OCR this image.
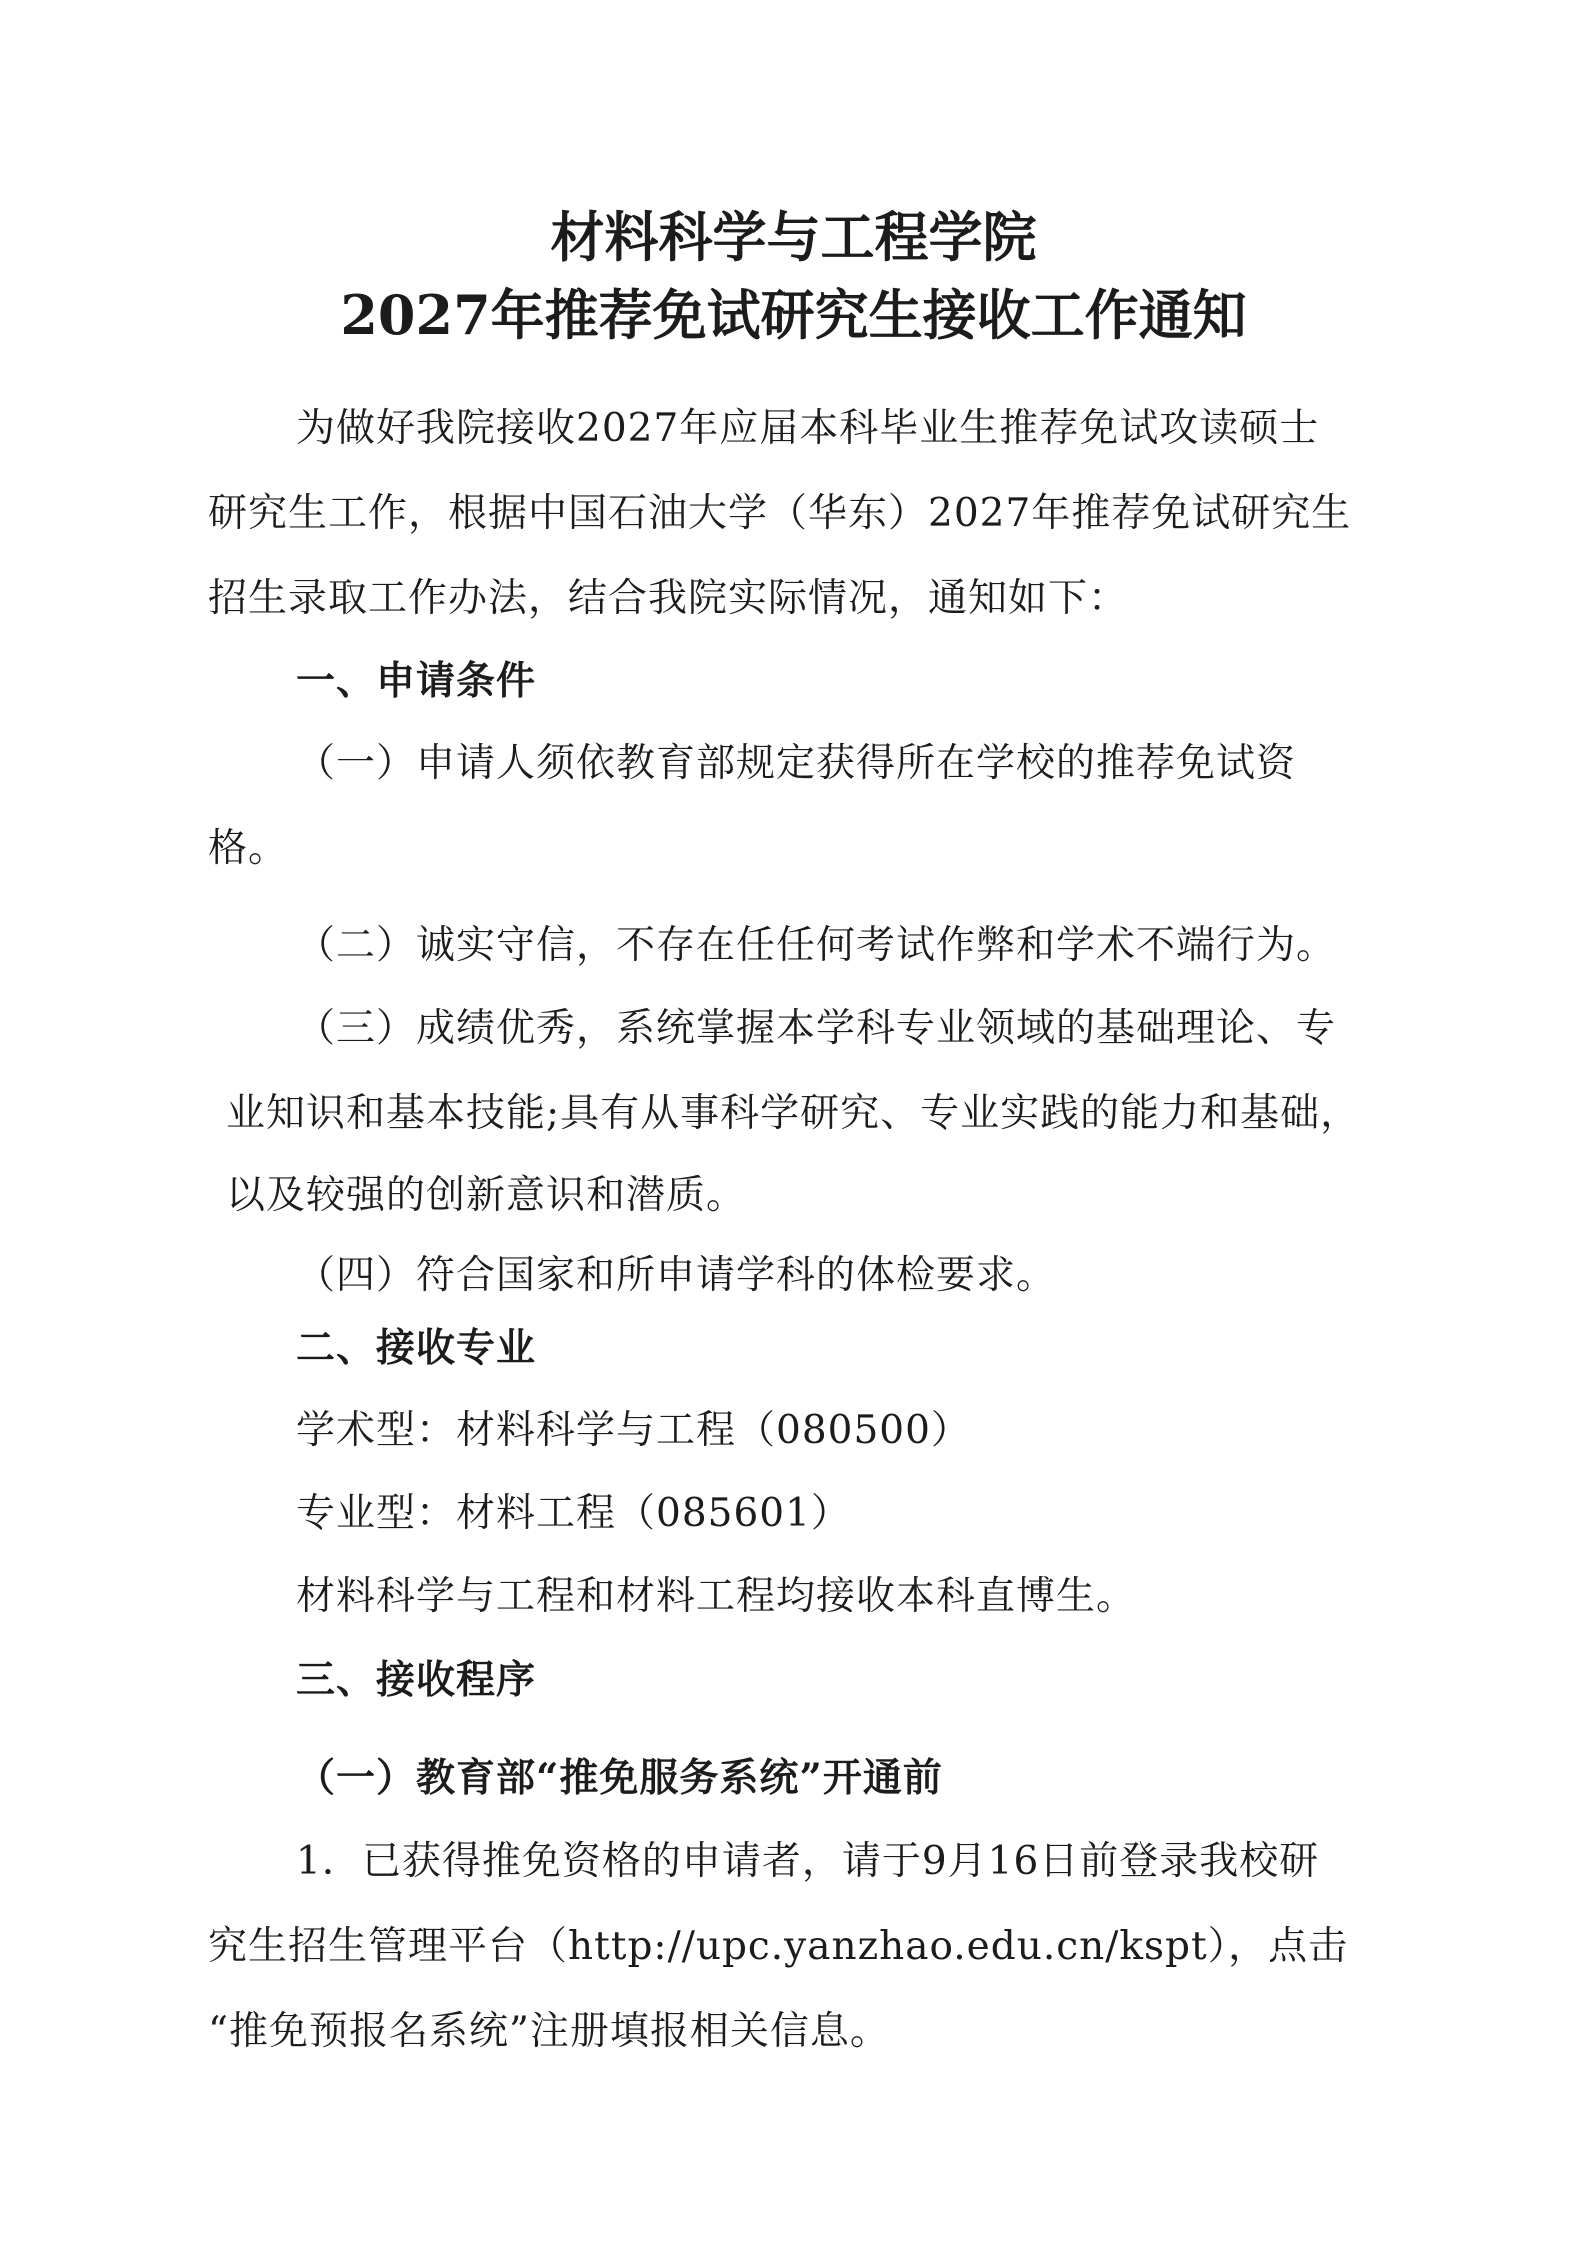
材料科学与工程学院
2027年推荐免试研究生接收工作通知
为做好我院接收2027年应届本科毕业生推荐免试攻读硕士
研究生工作，根据中国石油大学（华东）2027年推荐免试研究生
招生录取工作办法，结合我院实际情况，通知如下：
一、申请条件
（一）申请人须依教育部规定获得所在学校的推荐免试资
格。
（二）诚实守信，不存在任任何考试作弊和学术不端行为。
（三）成绩优秀，系统掌握本学科专业领域的基础理论、专
业知识和基本技能;具有从事科学研究、专业实践的能力和基础，
以及较强的创新意识和潜质。
（四）符合国家和所申请学科的体检要求。
二、接收专业
学术型：材料科学与工程（080500）
专业型：材料工程（085601）
材料科学与工程和材料工程均接收本科直博生。
三、接收程序
（一）教育部“推免服务系统”开通前
1．已获得推免资格的申请者，请于9月16日前登录我校研
究生招生管理平台（http://upc.yanzhao.edu.cn/kspt），点击
“推免预报名系统”注册填报相关信息。
